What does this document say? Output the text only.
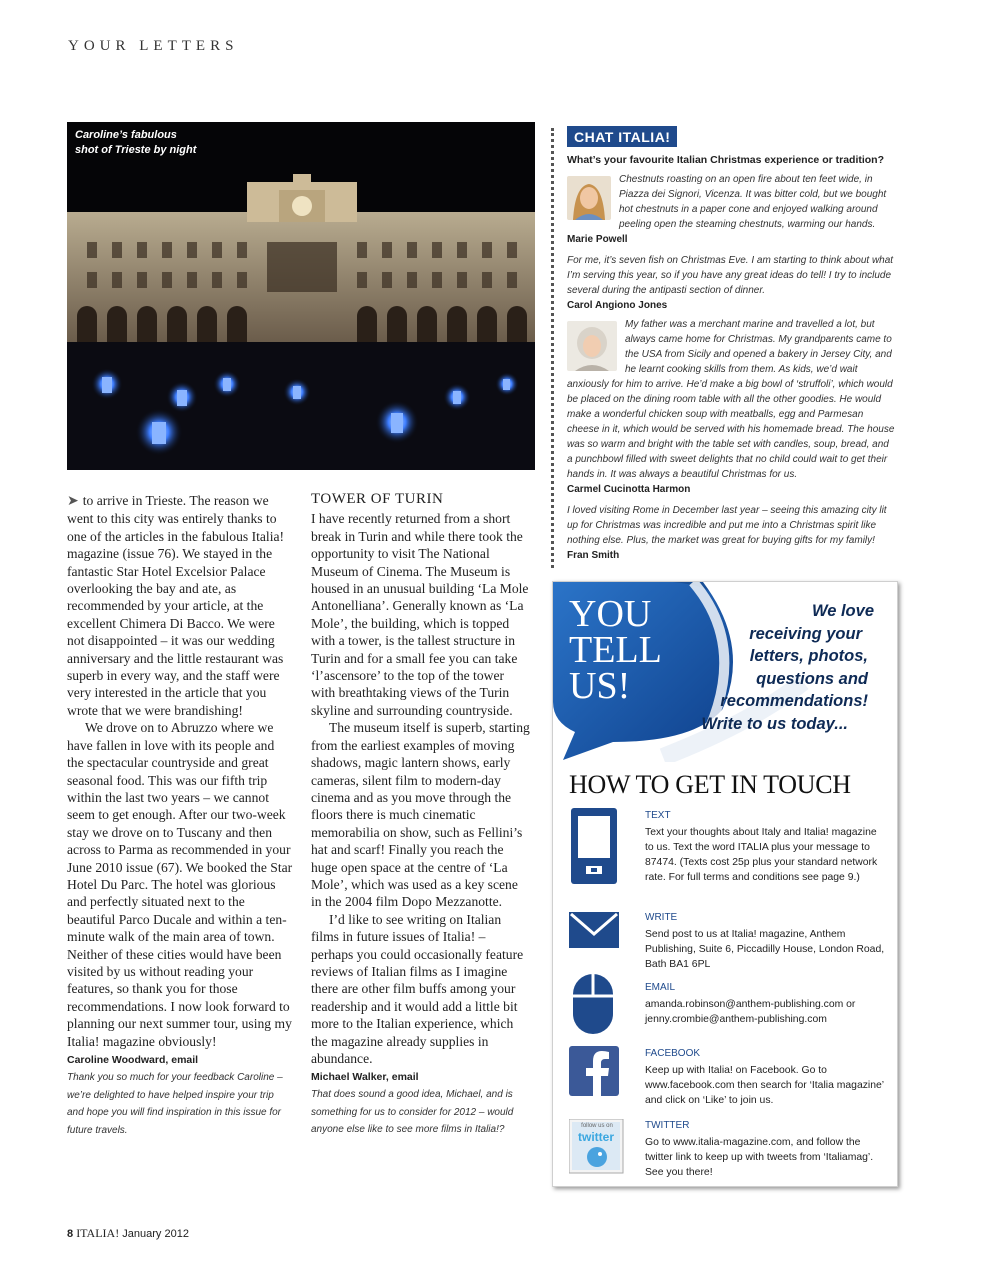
YOUR LETTERS
Caroline’s fabulous
shot of Trieste by night

➤ to arrive in Trieste. The reason we went to this city was entirely thanks to one of the articles in the fabulous Italia! magazine (issue 76). We stayed in the fantastic Star Hotel Excelsior Palace overlooking the bay and ate, as recommended by your article, at the excellent Chimera Di Bacco. We were not disappointed – it was our wedding anniversary and the little restaurant was superb in every way, and the staff were very interested in the article that you wrote that we were brandishing!

We drove on to Abruzzo where we have fallen in love with its people and the spectacular countryside and great seasonal food. This was our fifth trip within the last two years – we cannot seem to get enough. After our two-week stay we drove on to Tuscany and then across to Parma as recommended in your June 2010 issue (67). We booked the Star Hotel Du Parc. The hotel was glorious and perfectly situated next to the beautiful Parco Ducale and within a ten-minute walk of the main area of town. Neither of these cities would have been visited by us without reading your features, so thank you for those recommendations. I now look forward to planning our next summer tour, using my Italia! magazine obviously!

Caroline Woodward, email
Thank you so much for your feedback Caroline – we’re delighted to have helped inspire your trip and hope you will find inspiration in this issue for future travels.
TOWER OF TURIN

I have recently returned from a short break in Turin and while there took the opportunity to visit The National Museum of Cinema. The Museum is housed in an unusual building ‘La Mole Antonelliana’. Generally known as ‘La Mole’, the building, which is topped with a tower, is the tallest structure in Turin and for a small fee you can take ‘l’ascensore’ to the top of the tower with breathtaking views of the Turin skyline and surrounding countryside.

The museum itself is superb, starting from the earliest examples of moving shadows, magic lantern shows, early cameras, silent film to modern-day cinema and as you move through the floors there is much cinematic memorabilia on show, such as Fellini’s hat and scarf! Finally you reach the huge open space at the centre of ‘La Mole’, which was used as a key scene in the 2004 film Dopo Mezzanotte.

I’d like to see writing on Italian films in future issues of Italia! – perhaps you could occasionally feature reviews of Italian films as I imagine there are other film buffs among your readership and it would add a little bit more to the Italian experience, which the magazine already supplies in abundance.

Michael Walker, email
That does sound a good idea, Michael, and is something for us to consider for 2012 – would anyone else like to see more films in Italia!?
CHAT ITALIA!
What’s your favourite Italian Christmas experience or tradition?
Chestnuts roasting on an open fire about ten feet wide, in Piazza dei Signori, Vicenza. It was bitter cold, but we bought hot chestnuts in a paper cone and enjoyed walking around peeling open the steaming chestnuts, warming our hands.
Marie Powell
For me, it’s seven fish on Christmas Eve. I am starting to think about what I’m serving this year, so if you have any great ideas do tell! I try to include several during the antipasti section of dinner.
Carol Angiono Jones
My father was a merchant marine and travelled a lot, but always came home for Christmas. My grandparents came to the USA from Sicily and opened a bakery in Jersey City, and he learnt cooking skills from them. As kids, we’d wait anxiously for him to arrive. He’d make a big bowl of ‘struffoli’, which would be placed on the dining room table with all the other goodies. He would make a wonderful chicken soup with meatballs, egg and Parmesan cheese in it, which would be served with his homemade bread. The house was so warm and bright with the table set with candles, soup, bread, and a punchbowl filled with sweet delights that no child could wait to get their hands in. It was always a beautiful Christmas for us.
Carmel Cucinotta Harmon
I loved visiting Rome in December last year – seeing this amazing city lit up for Christmas was incredible and put me into a Christmas spirit like nothing else. Plus, the market was great for buying gifts for my family!
Fran Smith
YOU
TELL
US!
We love
receiving your
letters, photos,
questions and
recommendations!
Write to us today...
HOW TO GET IN TOUCH
TEXT
Text your thoughts about Italy and Italia! magazine to us. Text the word ITALIA plus your message to 87474. (Texts cost 25p plus your standard network rate. For full terms and conditions see page 9.)
WRITE
Send post to us at Italia! magazine, Anthem Publishing, Suite 6, Piccadilly House, London Road, Bath BA1 6PL
EMAIL
amanda.robinson@anthem-publishing.com or jenny.crombie@anthem-publishing.com
FACEBOOK
Keep up with Italia! on Facebook. Go to www.facebook.com then search for ‘Italia magazine’ and click on ‘Like’ to join us.
follow us on
twitter
TWITTER
Go to www.italia-magazine.com, and follow the twitter link to keep up with tweets from ‘Italiamag’. See you there!
8 ITALIA! January 2012
